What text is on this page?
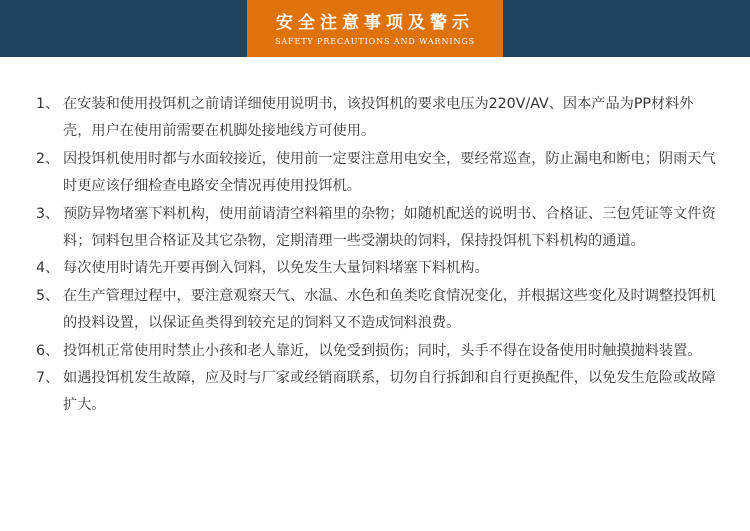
安全注意事项及警示
SAFETY PRECAUTIONS AND WARNINGS
1、 在安装和使用投饵机之前请详细使用说明书，该投饵机的要求电压为220V/AV、因本产品为PP材料外壳，用户在使用前需要在机脚处接地线方可使用。
2、 因投饵机使用时都与水面较接近，使用前一定要注意用电安全，要经常巡查，防止漏电和断电；阴雨天气时更应该仔细检查电路安全情况再使用投饵机。
3、 预防异物堵塞下料机构，使用前请清空料箱里的杂物；如随机配送的说明书、合格证、三包凭证等文件资料；饲料包里合格证及其它杂物，定期清理一些受潮块的饲料，保持投饵机下料机构的通道。
4、 每次使用时请先开要再倒入饲料，以免发生大量饲料堵塞下料机构。
5、 在生产管理过程中，要注意观察天气、水温、水色和鱼类吃食情况变化，并根据这些变化及时调整投饵机的投料设置，以保证鱼类得到较充足的饲料又不造成饲料浪费。
6、 投饵机正常使用时禁止小孩和老人靠近，以免受到损伤；同时，头手不得在设备使用时触摸抛料装置。
7、 如遇投饵机发生故障，应及时与厂家或经销商联系，切勿自行拆卸和自行更换配件，以免发生危险或故障扩大。
